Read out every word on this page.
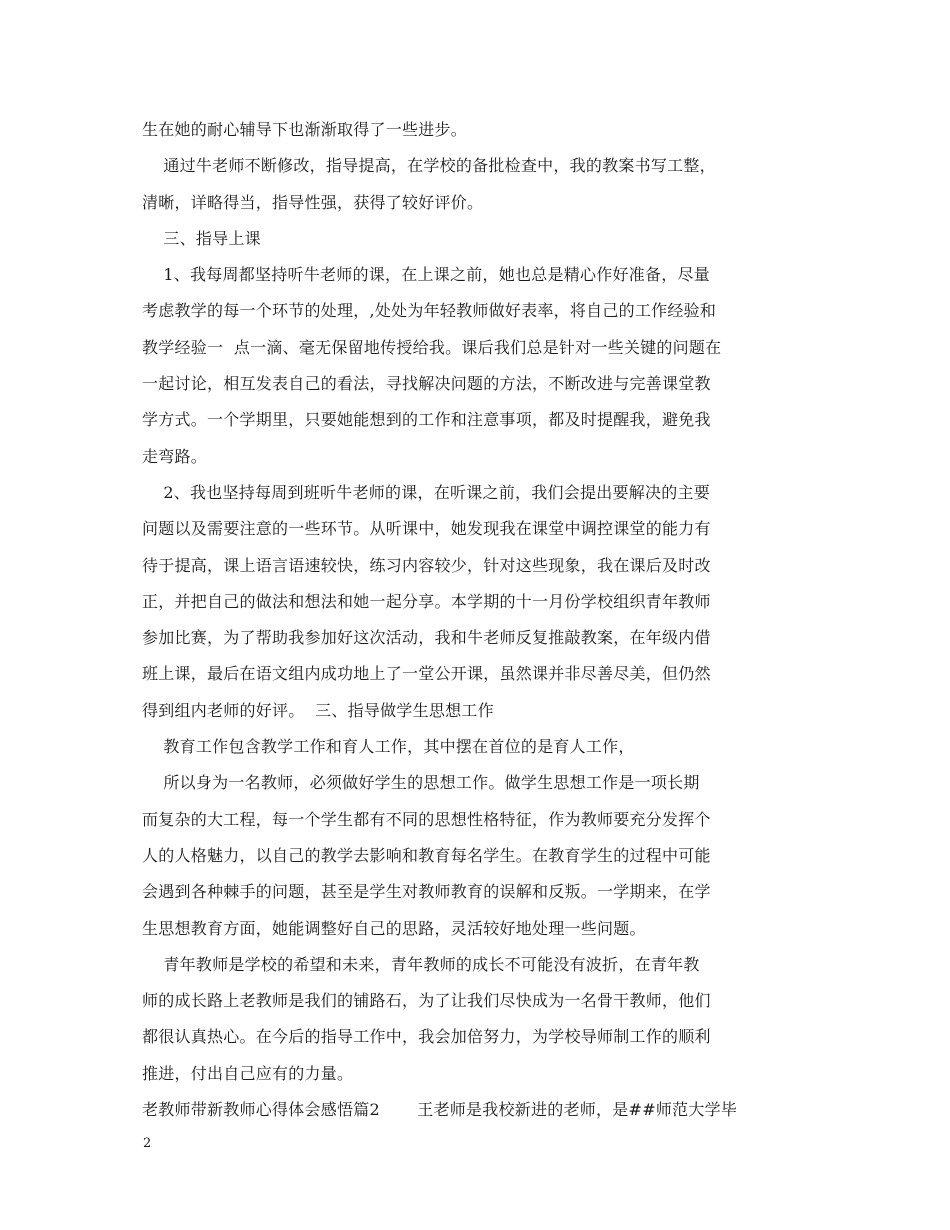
生在她的耐心辅导下也渐渐取得了一些进步。
通过牛老师不断修改，指导提高，在学校的备批检查中，我的教案书写工整，
清晰，详略得当，指导性强，获得了较好评价。
三、指导上课
1、我每周都坚持听牛老师的课，在上课之前，她也总是精心作好准备，尽量
考虑教学的每一个环节的处理，,处处为年轻教师做好表率，将自己的工作经验和
教学经验一  点一滴、毫无保留地传授给我。课后我们总是针对一些关键的问题在
一起讨论，相互发表自己的看法，寻找解决问题的方法，不断改进与完善课堂教
学方式。一个学期里，只要她能想到的工作和注意事项，都及时提醒我，避免我
走弯路。
2、我也坚持每周到班听牛老师的课，在听课之前，我们会提出要解决的主要
问题以及需要注意的一些环节。从听课中，她发现我在课堂中调控课堂的能力有
待于提高，课上语言语速较快，练习内容较少，针对这些现象，我在课后及时改
正，并把自己的做法和想法和她一起分享。本学期的十一月份学校组织青年教师
参加比赛，为了帮助我参加好这次活动，我和牛老师反复推敲教案，在年级内借
班上课，最后在语文组内成功地上了一堂公开课，虽然课并非尽善尽美，但仍然
得到组内老师的好评。  三、指导做学生思想工作
教育工作包含教学工作和育人工作，其中摆在首位的是育人工作，
所以身为一名教师，必须做好学生的思想工作。做学生思想工作是一项长期
而复杂的大工程，每一个学生都有不同的思想性格特征，作为教师要充分发挥个
人的人格魅力，以自己的教学去影响和教育每名学生。在教育学生的过程中可能
会遇到各种棘手的问题，甚至是学生对教师教育的误解和反叛。一学期来，在学
生思想教育方面，她能调整好自己的思路，灵活较好地处理一些问题。
青年教师是学校的希望和未来，青年教师的成长不可能没有波折，在青年教
师的成长路上老教师是我们的铺路石，为了让我们尽快成为一名骨干教师，他们
都很认真热心。在今后的指导工作中，我会加倍努力，为学校导师制工作的顺利
推进，付出自己应有的力量。
老教师带新教师心得体会感悟篇2       王老师是我校新进的老师，是##师范大学毕
2
